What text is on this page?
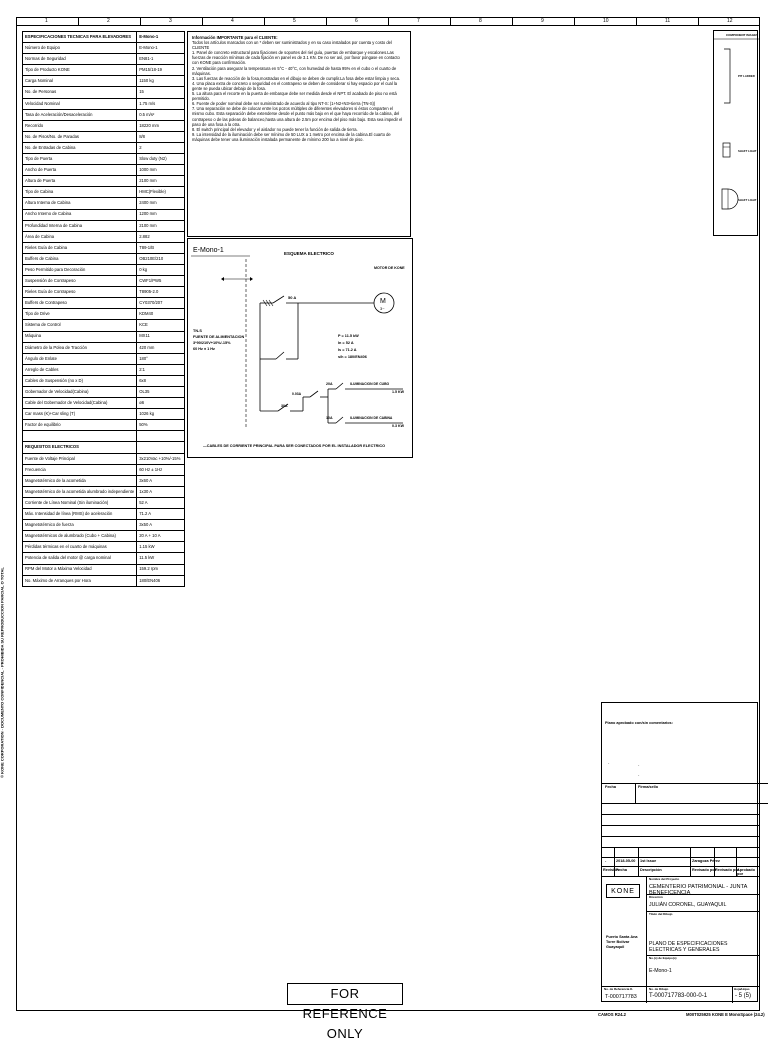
1	2	3	4	5	6	7	8	9	10	11	12
© KONE CORPORATION · DOCUMENTO CONFIDENCIAL · PROHIBIDA SU REPRODUCCION PARCIAL O TOTAL
ESPECIFICACIONES TECNICAS PARA ELEVADORES	E-Mono-1
Número de Equipo	E-Mono-1
Normas de Seguridad	EN81-1
Tipo de Producto KONE	PM15/18-19
Carga Nominal	1150 kg
No. de Personas	15
Velocidad Nominal	1.75 m/s
Tasa de Aceleración/Desaceleración	0.5 m/s²
Recorrido	18220 mm
No. de Pisos/No. de Paradas	8/8
No. de Entradas de Cabina	2
Tipo de Puerta	Slow duty (N2)
Ancho de Puerta	1000 mm
Altura de Puerta	2100 mm
Tipo de Cabina	HMC(Flexible)
Altura Interna de Cabina	2400 mm
Ancho Interno de Cabina	1200 mm
Profundidad Interna de Cabina	2100 mm
Área de Cabina	2.882
Rieles Guía de Cabina	T89-1/B
Buffers de Cabina	OB210E/210
Peso Permitido para Decoración	0 kg
Suspensión de Contrapeso	CWF1/PW5
Rieles Guía de Contrapeso	T8905-2.0
Buffers de Contrapeso	CY0370/207
Tipo de Drive	KDM40
Sistema de Control	KCE
Máquina	MX11
Diámetro de la Polea de Tracción	420 mm
Ángulo de Enlate	180°
Arreglo de Cables	2:1
Cables de Suspensión (no x D)	6x8
Gobernador de Velocidad(Cabina)	OL35
Cable del Gobernador de Velocidad(Cabina)	ø6
Car mass (K)+Car sling (T)	1026 kg
Factor de equilibrio	50%

REQUISITOS ELECTRICOS	
Fuente de Voltaje Principal	3x210Vac +10%/-15%
Frecuencia	60 Hz ± 1Hz
Magnetotérmico de la acometida	3x60 A
Magnetotérmico de la acometida alumbrado independiente	1x30 A
Corriente de Línea Nominal (Sin iluminación)	52 A
Máx. Intensidad de línea (RMS) de aceleración	71.2 A
Magnetotérmico de fuerza	3x50 A
Magnetotérmicos de alumbrado (Cubo + Cabina)	20 A + 10 A
Pérdidas térmicas en el cuarto de máquinas	1.15 kW
Potencia de salida del motor @ carga nominal	11.5 kW
RPM del Motor a Máxima Velocidad	159.2 rpm
No. Máximo de Arranques por Hora	180/EN406

Información IMPORTANTE para el CLIENTE:

Todos los artículos marcados con un * deben ser suministrados y en su caso instalados por cuenta y costo del CLIENTE

1. Panel de concreto estructural para fijaciones de soportes del riel guía, puertas de embarque y escalones.Las fuerzas de reacción mínimas de cada fijación en panel es de 3.1 KN. De no ser así, por favor póngase en contacto con KONE para confirmación.

2. Ventilación para asegurar la temperatura en 5°C - 40°C, con humedad de hasta 95% en el cubo o el cuarto de máquinas.

3. Las fuerzas de reacción de la fosa,mostradas en el dibujo se deben de cumplir.La fosa debe estar limpia y seca.

4. Una placa extra de concreto o seguridad en el contrapeso se deben de considerar si hay espacio por el cual la gente se pueda ubicar debajo de la fosa.

5. La altura para el recorte en la puerta de embarque debe ser medida desde el NPT. El acabado de piso no está permitido.

6. Fuente de poder nominal debe ser suministrado de acuerdo al tipo NT-S: (1+N2+N3+tierra (TN-S))

7. Una separación se debe de colocar entre los pozos múltiples de diferentes elevadores si éstos comparten el mismo cubo. Esta separación debe extenderse desde el punto más bajo en el que haya recorrido de la cabina, del contrapeso o de las poleas de balanceo,hasta una altura de 2.5m por encima del piso más bajo. Esta sea impedir el paso de una fosa a la otra.

8. El switch principal del elevador y el aislador no puede tener la función de salida de tierra.

9. La intensidad de la iluminación debe ser mínimo de 50 LUX a 1 metro por encima de la cabina.El cuarto de máquinas debe tener una iluminación instalada permanente de mínimo 200 lux a nivel de piso.

E-Mono-1	ESQUEMA ELECTRICO
MOTOR DE KONE
TN-S
FUENTE DE ALIMENTACION
3*90/210V+10%/-15%
60 Hz ± 1 Hz
50 A
M
3~
P = 11.5 kW
In = 52 A
Is = 71.2 A
s/h = 180/EN406
30A
0.03A
20A	ILUMINACION DE CUBO
1.5 KW
10A	ILUMINACION DE CABINA
0.3 KW
—CABLES DE CORRIENTE PRINCIPAL PARA SER CONECTADOS POR EL INSTALADOR ELECTRICO
COMPONENT IMAGES
PIT LADDER
SHAFT LIGHT
SHAFT LIGHT
Plano aprobado con/sin comentarios:
-	-
-
Fecha	Firma/sello
-	2018-05-00 1st Issue	Zaragoza Pérez
Revisión
Fecha	Descripción	Revisado por
Revisado por
Aprobado por
KONE
Puerto Santa Ana
Torre Bolívar
Guayaquil
Nombre del Proyecto
CEMENTERIO PATRIMONIAL - JUNTA BENEFICENCIA
Dirección
JULIÁN CORONEL, GUAYAQUIL
Título del Dibujo
PLANO DE ESPECIFICACIONES ELECTRICAS Y GENERALES
No.(s) de Equipo(s)
E-Mono-1
No. de Referencia K.
T-000717783
No. de Dibujo
T-000717783-000-0-1
Hoja/Hojas
- 5 (5)
FOR REFERENCE ONLY
CAMOS R24.2	M00T025925 KONE E MonoSpace (24.2)
